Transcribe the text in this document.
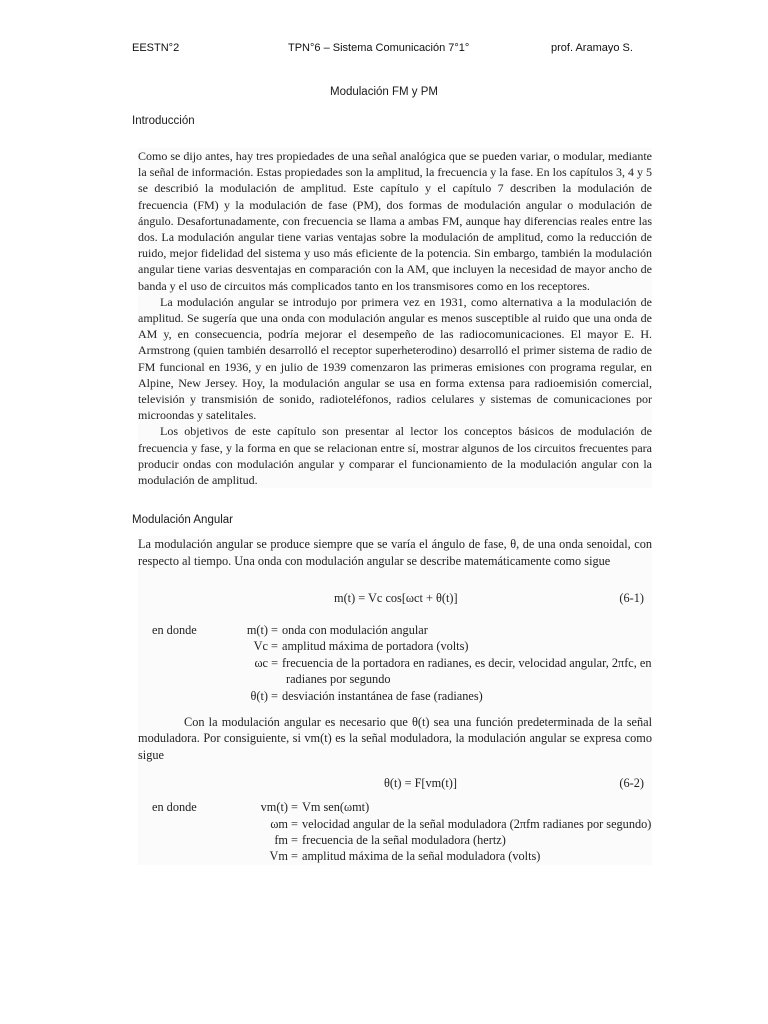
EESTN°2	TPN°6 – Sistema Comunicación 7°1°	prof. Aramayo S.
Modulación FM y PM
Introducción

Como se dijo antes, hay tres propiedades de una señal analógica que se pueden variar, o modular, mediante la señal de información. Estas propiedades son la amplitud, la frecuencia y la fase. En los capítulos 3, 4 y 5 se describió la modulación de amplitud. Este capítulo y el capítulo 7 describen la modulación de frecuencia (FM) y la modulación de fase (PM), dos formas de modulación angular o modulación de ángulo. Desafortunadamente, con frecuencia se llama a ambas FM, aunque hay diferencias reales entre las dos. La modulación angular tiene varias ventajas sobre la modulación de amplitud, como la reducción de ruido, mejor fidelidad del sistema y uso más eficiente de la potencia. Sin embargo, también la modulación angular tiene varias desventajas en comparación con la AM, que incluyen la necesidad de mayor ancho de banda y el uso de circuitos más complicados tanto en los transmisores como en los receptores.

La modulación angular se introdujo por primera vez en 1931, como alternativa a la modulación de amplitud. Se sugería que una onda con modulación angular es menos susceptible al ruido que una onda de AM y, en consecuencia, podría mejorar el desempeño de las radiocomunicaciones. El mayor E. H. Armstrong (quien también desarrolló el receptor superheterodino) desarrolló el primer sistema de radio de FM funcional en 1936, y en julio de 1939 comenzaron las primeras emisiones con programa regular, en Alpine, New Jersey. Hoy, la modulación angular se usa en forma extensa para radioemisión comercial, televisión y transmisión de sonido, radioteléfonos, radios celulares y sistemas de comunicaciones por microondas y satelitales.

Los objetivos de este capítulo son presentar al lector los conceptos básicos de modulación de frecuencia y fase, y la forma en que se relacionan entre sí, mostrar algunos de los circuitos frecuentes para producir ondas con modulación angular y comparar el funcionamiento de la modulación angular con la modulación de amplitud.

Modulación Angular

La modulación angular se produce siempre que se varía el ángulo de fase, θ, de una onda senoidal, con respecto al tiempo. Una onda con modulación angular se describe matemáticamente como sigue

m(t) = Vc cos[ωct + θ(t)]	(6-1)
en donde	m(t) = onda con modulación angular
Vc = amplitud máxima de portadora (volts)
ωc = frecuencia de la portadora en radianes, es decir, velocidad angular, 2πfc, en
radianes por segundo
θ(t) = desviación instantánea de fase (radianes)

Con la modulación angular es necesario que θ(t) sea una función predeterminada de la señal moduladora. Por consiguiente, si vm(t) es la señal moduladora, la modulación angular se expresa como sigue

θ(t) = F[vm(t)]	(6-2)
en donde	vm(t) = Vm sen(ωmt)
ωm = velocidad angular de la señal moduladora (2πfm radianes por segundo)
fm = frecuencia de la señal moduladora (hertz)
Vm = amplitud máxima de la señal moduladora (volts)
